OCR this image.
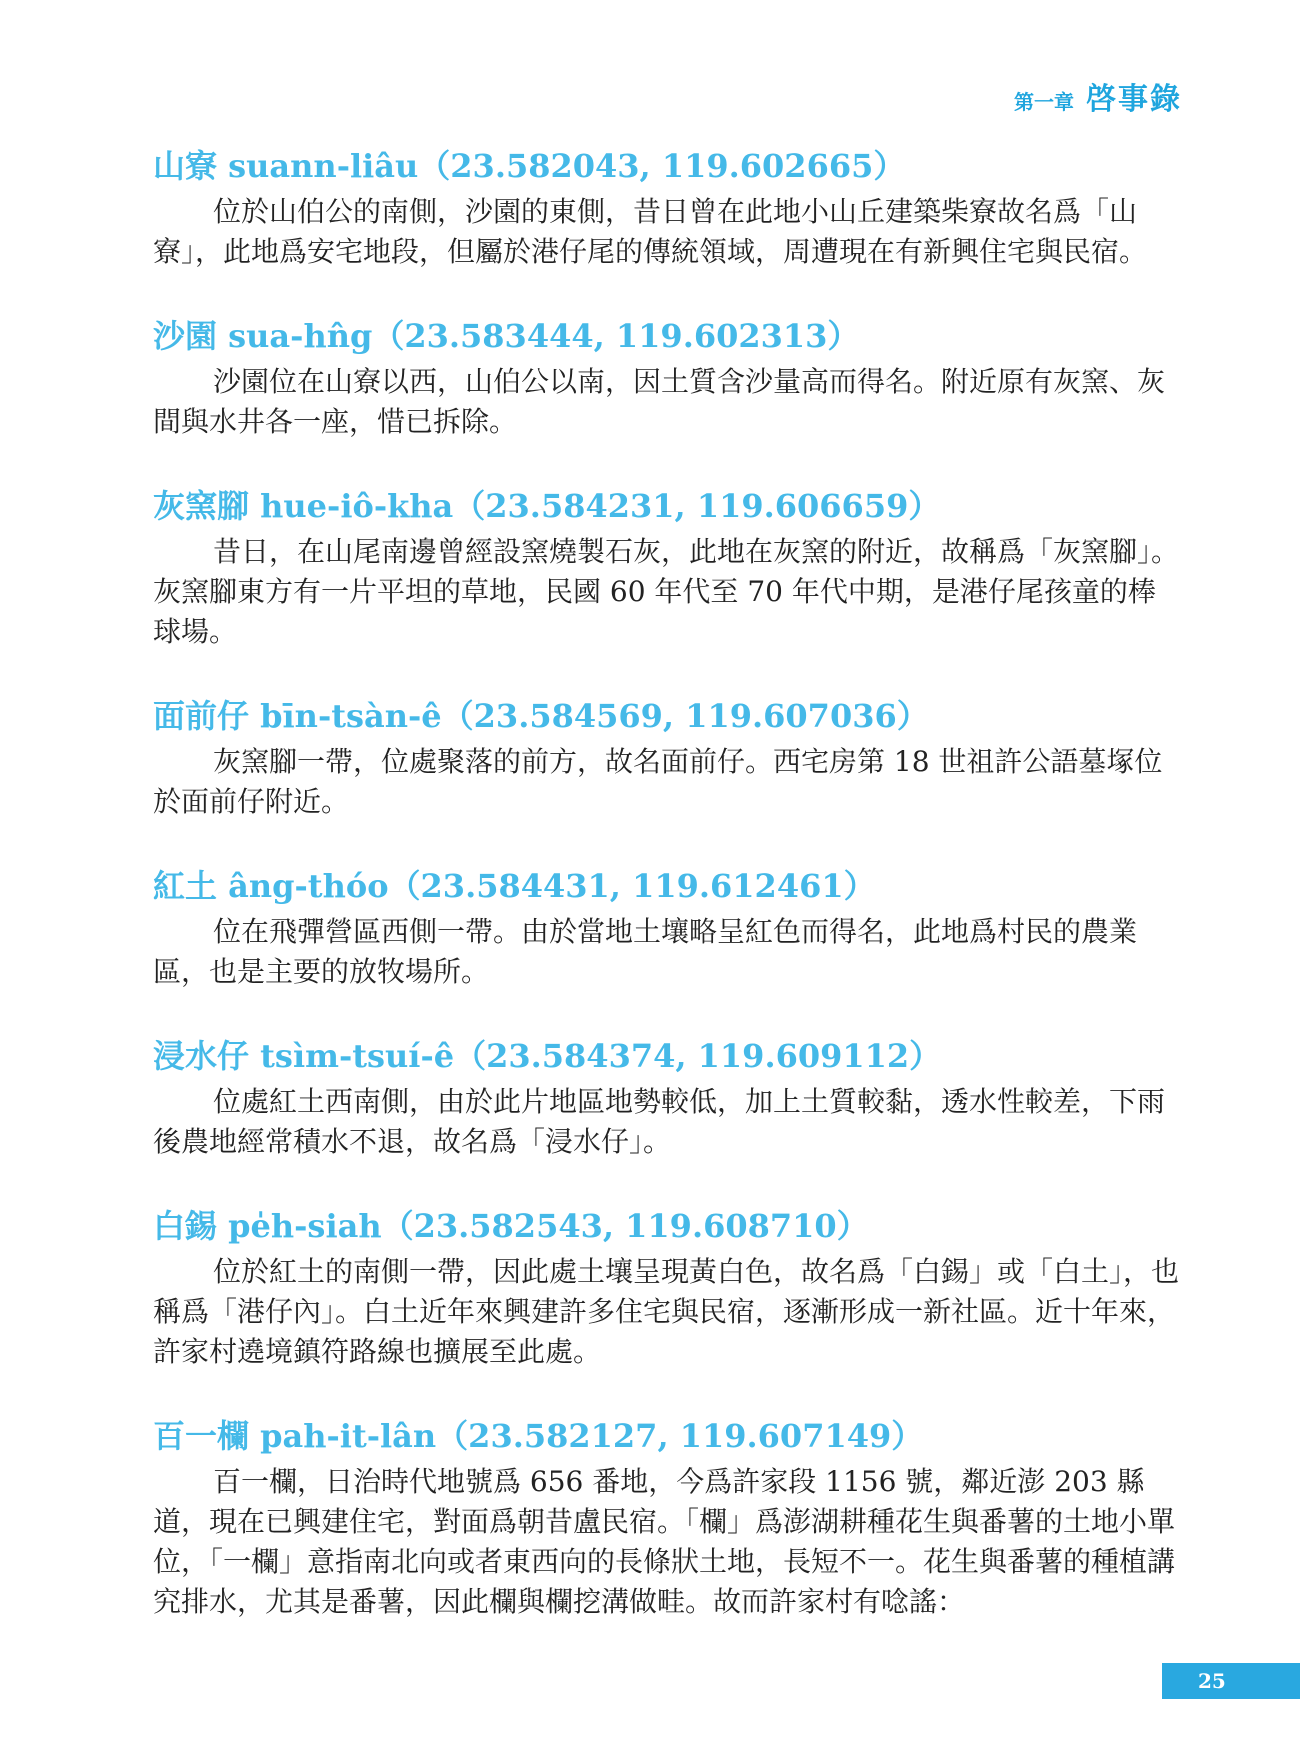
第一章 啓事錄
山寮 suann-liâu（23.582043, 119.602665）

位於山伯公的南側，沙園的東側，昔日曾在此地小山丘建築柴寮故名爲「山寮」，此地爲安宅地段，但屬於港仔尾的傳統領域，周遭現在有新興住宅與民宿。

沙園 sua-hn̂g（23.583444, 119.602313）

沙園位在山寮以西，山伯公以南，因土質含沙量高而得名。附近原有灰窯、灰間與水井各一座，惜已拆除。

灰窯腳 hue-iô-kha（23.584231, 119.606659）

昔日，在山尾南邊曾經設窯燒製石灰，此地在灰窯的附近，故稱爲「灰窯腳」。灰窯腳東方有一片平坦的草地，民國 60 年代至 70 年代中期，是港仔尾孩童的棒球場。

面前仔 bīn-tsàn-ê（23.584569, 119.607036）

灰窯腳一帶，位處聚落的前方，故名面前仔。西宅房第 18 世祖許公語墓塚位於面前仔附近。

紅土 âng-thóo（23.584431, 119.612461）

位在飛彈營區西側一帶。由於當地土壤略呈紅色而得名，此地爲村民的農業區，也是主要的放牧場所。

浸水仔 tsìm-tsuí-ê（23.584374, 119.609112）

位處紅土西南側，由於此片地區地勢較低，加上土質較黏，透水性較差，下雨後農地經常積水不退，故名爲「浸水仔」。

白錫 pe̍h-siah（23.582543, 119.608710）

位於紅土的南側一帶，因此處土壤呈現黃白色，故名爲「白錫」或「白土」，也稱爲「港仔內」。白土近年來興建許多住宅與民宿，逐漸形成一新社區。近十年來，許家村遶境鎮符路線也擴展至此處。

百一欄 pah-it-lân（23.582127, 119.607149）

百一欄，日治時代地號爲 656 番地，今爲許家段 1156 號，鄰近澎 203 縣道，現在已興建住宅，對面爲朝昔盧民宿。「欄」爲澎湖耕種花生與番薯的土地小單位，「一欄」意指南北向或者東西向的長條狀土地，長短不一。花生與番薯的種植講究排水，尤其是番薯，因此欄與欄挖溝做畦。故而許家村有唸謠：

25
